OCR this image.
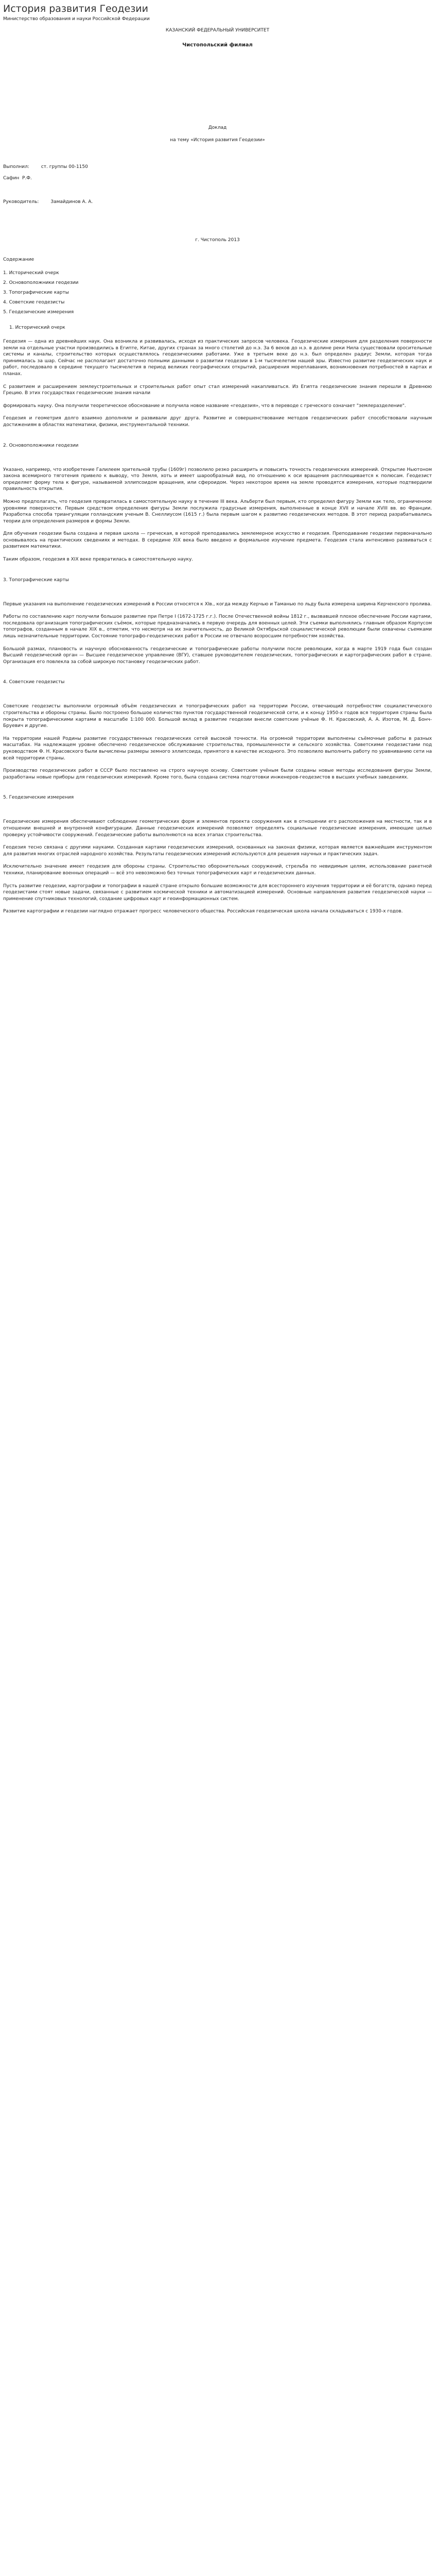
История развития Геодезии
Министерство образования и науки Российской Федерации
КАЗАНСКИЙ ФЕДЕРАЛЬНЫЙ УНИВЕРСИТЕТ
Чистопольский филиал
Доклад
на тему «История развития Геодезии»
Выполнил:        ст. группы 00-1150
Сафин  Р.Ф.
Руководитель:        Замайдинов А. А.
г. Чистополь 2013
Содержание
1. Исторический очерк
2. Основоположники геодезии
3. Топографические карты
4. Советские геодезисты
5. Геодезические измерения
1. Исторический очерк

Геодезия — одна из древнейших наук. Она возникла и развивалась, исходя из практических запросов человека. Геодезические измерения для разделения поверхности земли на отдельные участки производились в Египте, Китае, других странах за много столетий до н.э. За 6 веков до н.э. в долине реки Нила существовали оросительные системы и каналы, строительство которых осуществлялось геодезическими работами. Уже в третьем веке до н.э. был определен радиус Земли, которая тогда принималась за шар. Сейчас не располагает достаточно полными данными о развитии геодезии в 1-м тысячелетии нашей эры. Известно развитие геодезических наук и работ, последовало в середине текущего тысячелетия в период великих географических открытий, расширения мореплавания, возникновения потребностей в картах и планах.

С развитием и расширением землеустроительных и строительных работ опыт стал измерений накапливаться. Из Египта геодезические знания перешли в Древнюю Грецию. В этих государствах геодезические знания начали

формировать науку. Она получили теоретическое обоснование и получила новое название «геодезия», что в переводе с греческого означает "землеразделение".

Геодезия и геометрия долго взаимно дополняли и развивали друг друга. Развитие и совершенствование методов геодезических работ способствовали научным достижениям в областях математики, физики, инструментальной техники.

2. Основоположники геодезии

Указано, например, что изобретение Галилеем зрительной трубы (1609г) позволило резко расширить и повысить точность геодезических измерений. Открытие Ньютоном закона всемирного тяготения привело к выводу, что Земля, хоть и имеет шарообразный вид, по отношению к оси вращения расплющивается к полюсам. Геодезист определяет форму тела к фигуре, называемой эллипсоидом вращения, или сфероидом. Через некоторое время на земле проводятся измерения, которые подтвердили правильность открытия.

Можно предполагать, что геодезия превратилась в самостоятельную науку в течение III века. Альберти был первым, кто определил фигуру Земли как тело, ограниченное уровнями поверхности. Первым средством определения фигуры Земли послужила градусные измерения, выполненные в конце XVII и начале XVIII вв. во Франции. Разработка способа триангуляции голландским ученым В. Снеллиусом (1615 г.) была первым шагом к развитию геодезических методов. В этот период разрабатывались теории для определения размеров и формы Земли.

Для обучения геодезии была создана и первая школа — греческая, в которой преподавались землемерное искусство и геодезия. Преподавание геодезии первоначально основывалось на практических сведениях и методах. В середине XIX века было введено и формальное изучение предмета. Геодезия стала интенсивно развиваться с развитием математики.

Таким образом, геодезия в XIX веке превратилась в самостоятельную науку.

3. Топографические карты

Первые указания на выполнение геодезических измерений в России относятся к XIв., когда между Керчью и Таманью по льду была измерена ширина Керченского пролива.

Работы по составлению карт получили большое развитие при Петре I (1672-1725 г.г.). После Отечественной войны 1812 г., вызвавшей плохое обеспечение России картами, последовала организация топографических съёмок, которые предназначались в первую очередь для военных целей. Эти съемки выполнялись главным образом Корпусом топографов, созданным в начале XIX в., отметим, что несмотря на их значительность, до Великой Октябрьской социалистической революции были охвачены съемками лишь незначительные территории. Состояние топографо-геодезических работ в России не отвечало возросшим потребностям хозяйства.

Большой размах, плановость и научную обоснованность геодезические и топографические работы получили после революции, когда в марте 1919 года был создан Высший геодезический орган — Высшее геодезическое управление (ВГУ), ставшее руководителем геодезических, топографических и картографических работ в стране. Организация его повлекла за собой широкую постановку геодезических работ.

4. Советские геодезисты

Советские геодезисты выполнили огромный объём геодезических и топографических работ на территории России, отвечающий потребностям социалистического строительства и обороны страны. Было построено большое количество пунктов государственной геодезической сети, и к концу 1950-х годов вся территория страны была покрыта топографическими картами в масштабе 1:100 000. Большой вклад в развитие геодезии внесли советские учёные Ф. Н. Красовский, А. А. Изотов, М. Д. Бонч-Бруевич и другие.

На территории нашей Родины развитие государственных геодезических сетей высокой точности. На огромной территории выполнены съёмочные работы в разных масштабах. На надлежащем уровне обеспечено геодезическое обслуживание строительства, промышленности и сельского хозяйства. Советскими геодезистами под руководством Ф. Н. Красовского были вычислены размеры земного эллипсоида, принятого в качестве исходного. Это позволило выполнить работу по уравниванию сети на всей территории страны.

Производство геодезических работ в СССР было поставлено на строго научную основу. Советским учёным были созданы новые методы исследования фигуры Земли, разработаны новые приборы для геодезических измерений. Кроме того, была создана система подготовки инженеров-геодезистов в высших учебных заведениях.

5. Геодезические измерения

Геодезические измерения обеспечивают соблюдение геометрических форм и элементов проекта сооружения как в отношении его расположения на местности, так и в отношении внешней и внутренней конфигурации. Данные геодезических измерений позволяют определять социальные геодезические измерения, имеющие целью проверку устойчивости сооружений. Геодезические работы выполняются на всех этапах строительства.

Геодезия тесно связана с другими науками. Созданная картами геодезических измерений, основанных на законах физики, которая является важнейшим инструментом для развития многих отраслей народного хозяйства. Результаты геодезических измерений используются для решения научных и практических задач.

Исключительно значение имеет геодезия для обороны страны. Строительство оборонительных сооружений, стрельба по невидимым целям, использование ракетной техники, планирование военных операций — всё это невозможно без точных топографических карт и геодезических данных.

Пусть развитие геодезии, картографии и топографии в нашей стране открыло большие возможности для всестороннего изучения территории и её богатств, однако перед геодезистами стоят новые задачи, связанные с развитием космической техники и автоматизацией измерений. Основные направления развития геодезической науки — применение спутниковых технологий, создание цифровых карт и геоинформационных систем.

Развитие картографии и геодезии наглядно отражает прогресс человеческого общества. Российская геодезическая школа начала складываться с 1930-х годов.
